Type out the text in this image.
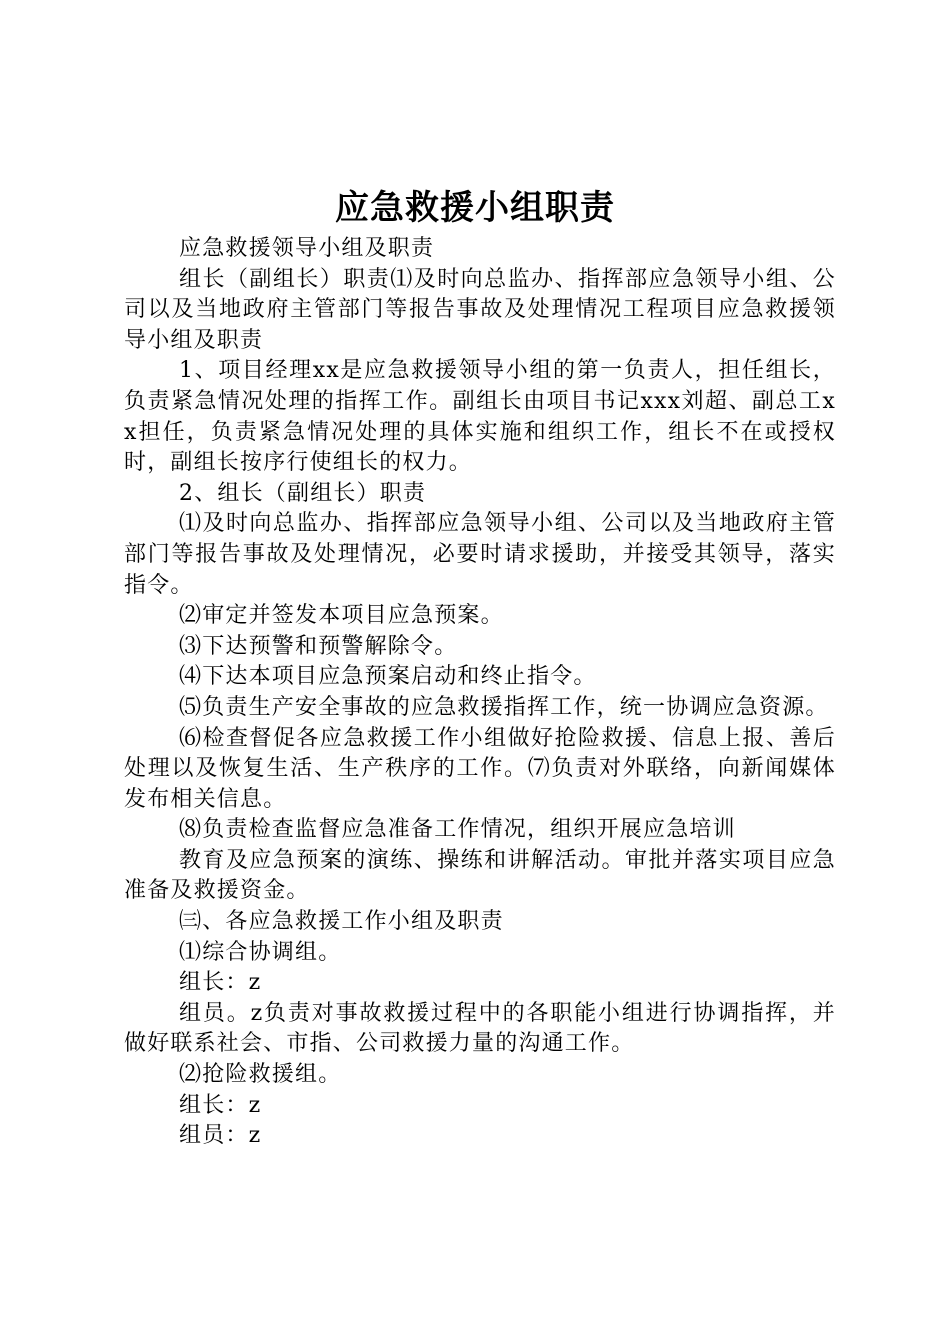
应急救援小组职责

应急救援领导小组及职责

组长（副组长）职责⑴及时向总监办、指挥部应急领导小组、公司以及当地政府主管部门等报告事故及处理情况工程项目应急救援领导小组及职责

1、项目经理xx是应急救援领导小组的第一负责人，担任组长，负责紧急情况处理的指挥工作。副组长由项目书记xxx刘超、副总工xx担任，负责紧急情况处理的具体实施和组织工作，组长不在或授权时，副组长按序行使组长的权力。

2、组长（副组长）职责

⑴及时向总监办、指挥部应急领导小组、公司以及当地政府主管部门等报告事故及处理情况，必要时请求援助，并接受其领导，落实指令。

⑵审定并签发本项目应急预案。

⑶下达预警和预警解除令。

⑷下达本项目应急预案启动和终止指令。

⑸负责生产安全事故的应急救援指挥工作，统一协调应急资源。

⑹检查督促各应急救援工作小组做好抢险救援、信息上报、善后处理以及恢复生活、生产秩序的工作。⑺负责对外联络，向新闻媒体发布相关信息。

⑻负责检查监督应急准备工作情况，组织开展应急培训

教育及应急预案的演练、操练和讲解活动。审批并落实项目应急准备及救援资金。

㈢、各应急救援工作小组及职责

⑴综合协调组。

组长：z

组员。z负责对事故救援过程中的各职能小组进行协调指挥，并做好联系社会、市指、公司救援力量的沟通工作。

⑵抢险救援组。

组长：z

组员：z
